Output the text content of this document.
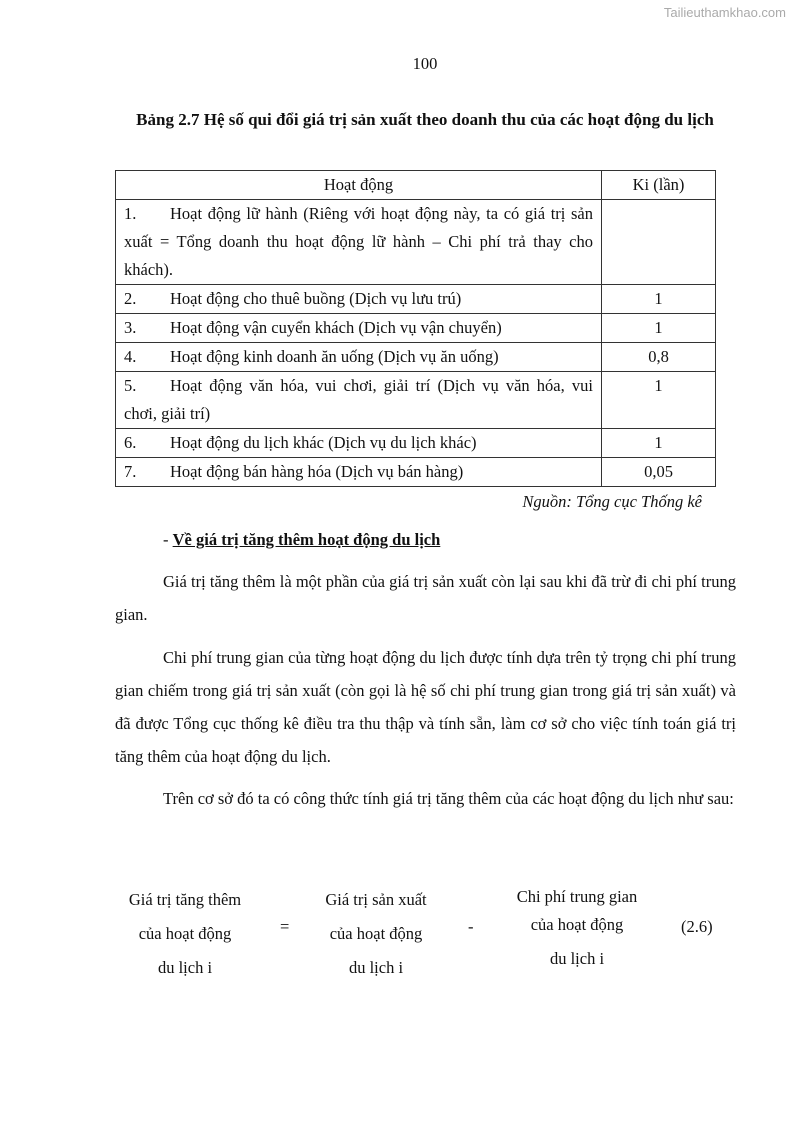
Tailieuthamkhao.com
100
Bảng 2.7 Hệ số qui đổi giá trị sản xuất theo doanh thu của các hoạt động du lịch
Hoạt động	Ki (lần)
1. Hoạt động lữ hành (Riêng với hoạt động này, ta có giá trị sản xuất = Tổng doanh thu hoạt động lữ hành – Chi phí trả thay cho khách).	
2. Hoạt động cho thuê buồng (Dịch vụ lưu trú)	1
3. Hoạt động vận cuyển khách (Dịch vụ vận chuyển)	1
4. Hoạt động kinh doanh ăn uống (Dịch vụ ăn uống)	0,8
5. Hoạt động văn hóa, vui chơi, giải trí (Dịch vụ văn hóa, vui chơi, giải trí)	1
6. Hoạt động du lịch khác (Dịch vụ du lịch khác)	1
7. Hoạt động bán hàng hóa (Dịch vụ bán hàng)	0,05
Nguồn: Tổng cục Thống kê
- Về giá trị tăng thêm hoạt động du lịch
Giá trị tăng thêm là một phần của giá trị sản xuất còn lại sau khi đã trừ đi chi phí trung gian.
Chi phí trung gian của từng hoạt động du lịch được tính dựa trên tỷ trọng chi phí trung gian chiếm trong giá trị sản xuất (còn gọi là hệ số chi phí trung gian trong giá trị sản xuất) và đã được Tổng cục thống kê điều tra thu thập và tính sẵn, làm cơ sở cho việc tính toán giá trị tăng thêm của hoạt động du lịch.
Trên cơ sở đó ta có công thức tính giá trị tăng thêm của các hoạt động du lịch như sau:
Giá trị tăng thêm
của hoạt động
du lịch i
=
Giá trị sản xuất
của hoạt động
du lịch i
-
Chi phí trung gian
của hoạt động
du lịch i
(2.6)
